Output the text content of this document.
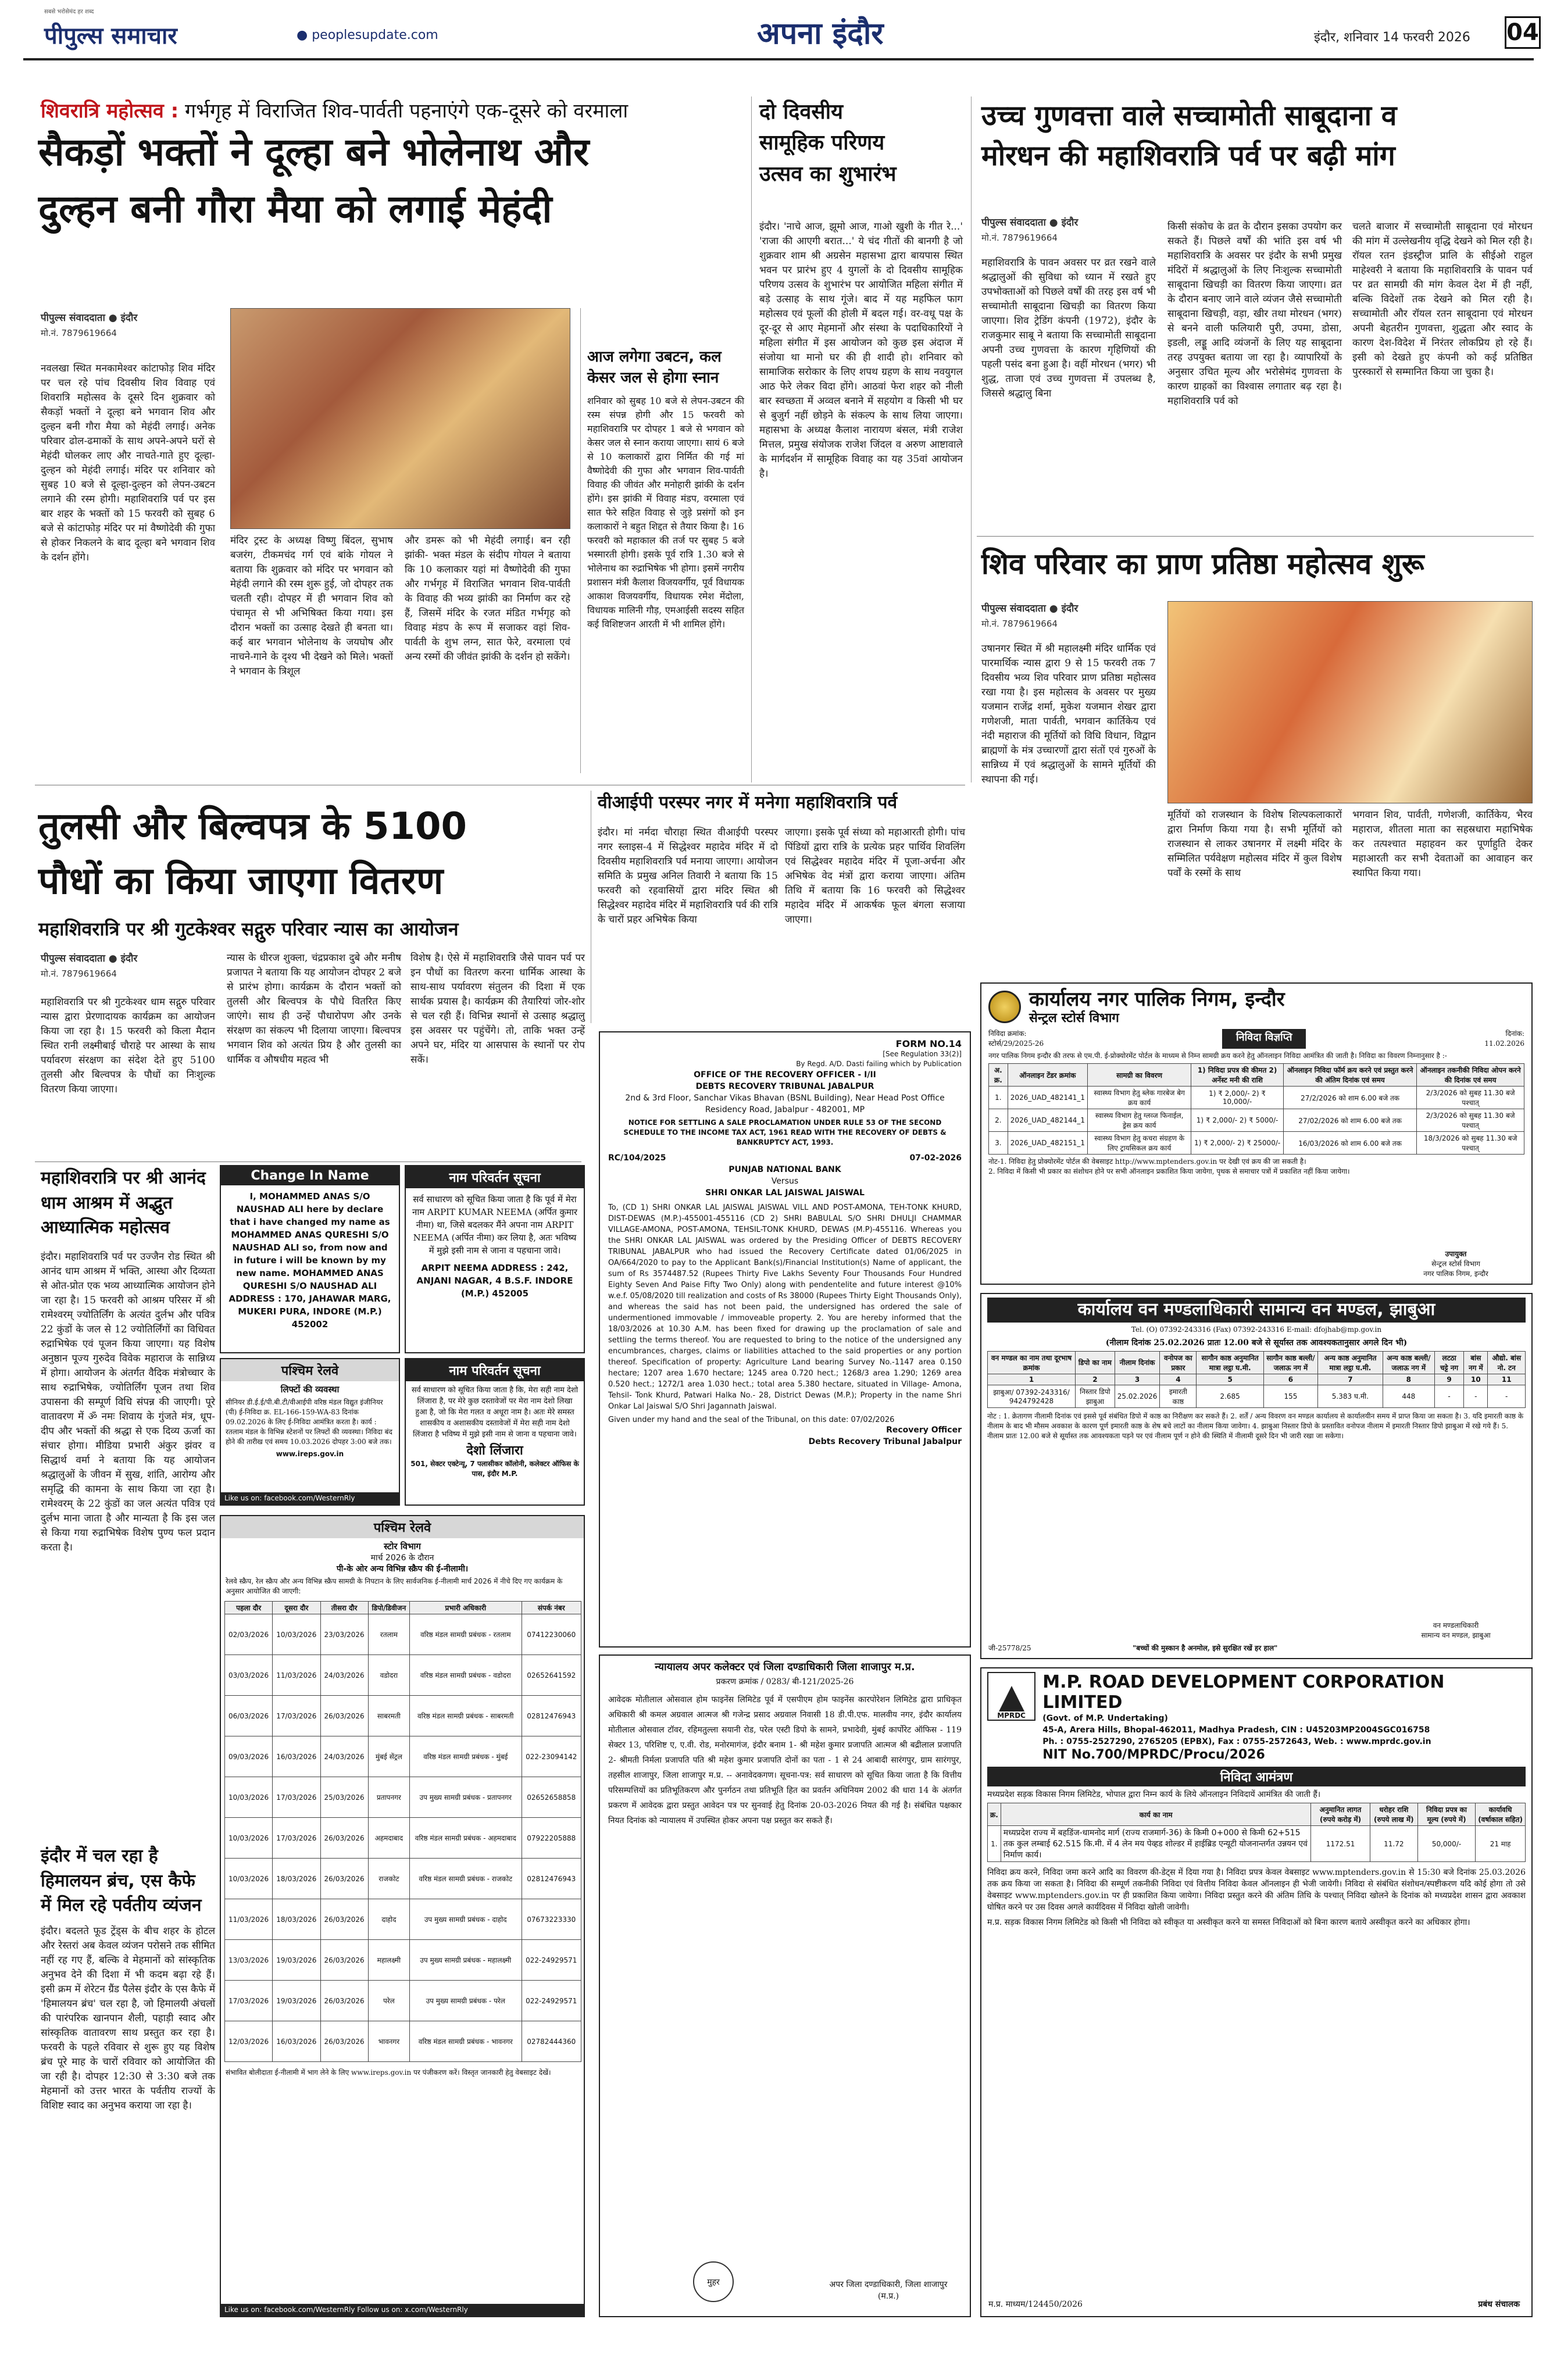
सबसे भरोसेमंद हर शब्द
पीपुल्स समाचार	● peoplesupdate.com	अपना इंदौर	इंदौर, शनिवार 14 फरवरी 2026 04
शिवरात्रि महोत्सव : गर्भगृह में विराजित शिव-पार्वती पहनाएंगे एक-दूसरे को वरमाला
सैकड़ों भक्तों ने दूल्हा बने भोलेनाथ और
दुल्हन बनी गौरा मैया को लगाई मेहंदी
पीपुल्स संवाददाता ● इंदौर
मो.नं. 7879619664
नवलखा स्थित मनकामेश्वर कांटाफोड़ शिव मंदिर पर चल रहे पांच दिवसीय शिव विवाह एवं शिवरात्रि महोत्सव के दूसरे दिन शुक्रवार को सैकड़ों भक्तों ने दूल्हा बने भगवान शिव और दुल्हन बनी गौरा मैया को मेहंदी लगाई। अनेक परिवार ढोल-ढमाकों के साथ अपने-अपने घरों से मेहंदी घोलकर लाए और नाचते-गाते हुए दूल्हा-दुल्हन को मेहंदी लगाई। मंदिर पर शनिवार को सुबह 10 बजे से दूल्हा-दुल्हन को लेपन-उबटन लगाने की रस्म होगी। महाशिवरात्रि पर्व पर इस बार शहर के भक्तों को 15 फरवरी को सुबह 6 बजे से कांटाफोड़ मंदिर पर मां वैष्णोदेवी की गुफा से होकर निकलने के बाद दूल्हा बने भगवान शिव के दर्शन होंगे।
मंदिर ट्रस्ट के अध्यक्ष विष्णु बिंदल, सुभाष बजरंग, टीकमचंद गर्ग एवं बांके गोयल ने बताया कि शुक्रवार को मंदिर पर भगवान को मेहंदी लगाने की रस्म शुरू हुई, जो दोपहर तक चलती रही। दोपहर में ही भगवान शिव को पंचामृत से भी अभिषिक्त किया गया। इस दौरान भक्तों का उत्साह देखते ही बनता था। कई बार भगवान भोलेनाथ के जयघोष और नाचने-गाने के दृश्य भी देखने को मिले। भक्तों ने भगवान के त्रिशूल
और डमरू को भी मेहंदी लगाई। बन रही झांकी- भक्त मंडल के संदीप गोयल ने बताया कि 10 कलाकार यहां मां वैष्णोदेवी की गुफा और गर्भगृह में विराजित भगवान शिव-पार्वती के विवाह की भव्य झांकी का निर्माण कर रहे हैं, जिसमें मंदिर के रजत मंडित गर्भगृह को विवाह मंडप के रूप में सजाकर वहां शिव-पार्वती के शुभ लग्न, सात फेरे, वरमाला एवं अन्य रस्मों की जीवंत झांकी के दर्शन हो सकेंगे।
आज लगेगा उबटन, कल केसर जल से होगा स्नान
शनिवार को सुबह 10 बजे से लेपन-उबटन की रस्म संपन्न होगी और 15 फरवरी को महाशिवरात्रि पर दोपहर 1 बजे से भगवान को केसर जल से स्नान कराया जाएगा। सायं 6 बजे से 10 कलाकारों द्वारा निर्मित की गई मां वैष्णोदेवी की गुफा और भगवान शिव-पार्वती विवाह की जीवंत और मनोहारी झांकी के दर्शन होंगे। इस झांकी में विवाह मंडप, वरमाला एवं सात फेरे सहित विवाह से जुड़े प्रसंगों को इन कलाकारों ने बहुत शिद्दत से तैयार किया है। 16 फरवरी को महाकाल की तर्ज पर सुबह 5 बजे भस्मारती होगी। इसके पूर्व रात्रि 1.30 बजे से भोलेनाथ का रुद्राभिषेक भी होगा। इसमें नगरीय प्रशासन मंत्री कैलाश विजयवर्गीय, पूर्व विधायक आकाश विजयवर्गीय, विधायक रमेश मेंदोला, विधायक मालिनी गौड़, एमआईसी सदस्य सहित कई विशिष्टजन आरती में भी शामिल होंगे।
दो दिवसीय
सामूहिक परिणय
उत्सव का शुभारंभ
इंदौर। 'नाचे आज, झूमो आज, गाओ खुशी के गीत रे...' 'राजा की आएगी बरात...' ये चंद गीतों की बानगी है जो शुक्रवार शाम श्री अग्रसेन महासभा द्वारा बायपास स्थित भवन पर प्रारंभ हुए 4 युगलों के दो दिवसीय सामूहिक परिणय उत्सव के शुभारंभ पर आयोजित महिला संगीत में बड़े उत्साह के साथ गूंजे। बाद में यह महफिल फाग महोत्सव एवं फूलों की होली में बदल गई। वर-वधू पक्ष के दूर-दूर से आए मेहमानों और संस्था के पदाधिकारियों ने महिला संगीत में इस आयोजन को कुछ इस अंदाज में संजोया था मानो घर की ही शादी हो। शनिवार को सामाजिक सरोकार के लिए शपथ ग्रहण के साथ नवयुगल आठ फेरे लेकर विदा होंगे। आठवां फेरा शहर को नीली बार स्वच्छता में अव्वल बनाने में सहयोग व किसी भी घर से बुजुर्ग नहीं छोड़ने के संकल्प के साथ लिया जाएगा। महासभा के अध्यक्ष कैलाश नारायण बंसल, मंत्री राजेश मित्तल, प्रमुख संयोजक राजेश जिंदल व अरुण आष्टावाले के मार्गदर्शन में सामूहिक विवाह का यह 35वां आयोजन है।
उच्च गुणवत्ता वाले सच्चामोती साबूदाना व
मोरधन की महाशिवरात्रि पर्व पर बढ़ी मांग
पीपुल्स संवाददाता ● इंदौर
मो.नं. 7879619664
महाशिवरात्रि के पावन अवसर पर व्रत रखने वाले श्रद्धालुओं की सुविधा को ध्यान में रखते हुए उपभोक्ताओं को पिछले वर्षों की तरह इस वर्ष भी सच्चामोती साबूदाना खिचड़ी का वितरण किया जाएगा। शिव ट्रेडिंग कंपनी (1972), इंदौर के राजकुमार साबू ने बताया कि सच्चामोती साबूदाना अपनी उच्च गुणवत्ता के कारण गृहिणियों की पहली पसंद बना हुआ है। वहीं मोरधन (भगर) भी शुद्ध, ताजा एवं उच्च गुणवत्ता में उपलब्ध है, जिससे श्रद्धालु बिना
किसी संकोच के व्रत के दौरान इसका उपयोग कर सकते हैं। पिछले वर्षों की भांति इस वर्ष भी महाशिवरात्रि के अवसर पर इंदौर के सभी प्रमुख मंदिरों में श्रद्धालुओं के लिए निःशुल्क सच्चामोती साबूदाना खिचड़ी का वितरण किया जाएगा। व्रत के दौरान बनाए जाने वाले व्यंजन जैसे सच्चामोती साबूदाना खिचड़ी, वड़ा, खीर तथा मोरधन (भगर) से बनने वाली फलियारी पुरी, उपमा, डोसा, इडली, लड्डू आदि व्यंजनों के लिए यह साबूदाना तरह उपयुक्त बताया जा रहा है। व्यापारियों के अनुसार उचित मूल्य और भरोसेमंद गुणवत्ता के कारण ग्राहकों का विश्वास लगातार बढ़ रहा है। महाशिवरात्रि पर्व को
चलते बाजार में सच्चामोती साबूदाना एवं मोरधन की मांग में उल्लेखनीय वृद्धि देखने को मिल रही है। रॉयल रतन इंडस्ट्रीज प्रालि के सीईओ राहुल माहेश्वरी ने बताया कि महाशिवरात्रि के पावन पर्व पर व्रत सामग्री की मांग केवल देश में ही नहीं, बल्कि विदेशों तक देखने को मिल रही है। सच्चामोती और रॉयल रतन साबूदाना एवं मोरधन अपनी बेहतरीन गुणवत्ता, शुद्धता और स्वाद के कारण देश-विदेश में निरंतर लोकप्रिय हो रहे हैं। इसी को देखते हुए कंपनी को कई प्रतिष्ठित पुरस्कारों से सम्मानित किया जा चुका है।
शिव परिवार का प्राण प्रतिष्ठा महोत्सव शुरू
पीपुल्स संवाददाता ● इंदौर
मो.नं. 7879619664
उषानगर स्थित में श्री महालक्ष्मी मंदिर धार्मिक एवं पारमार्थिक न्यास द्वारा 9 से 15 फरवरी तक 7 दिवसीय भव्य शिव परिवार प्राण प्रतिष्ठा महोत्सव रखा गया है। इस महोत्सव के अवसर पर मुख्य यजमान राजेंद्र शर्मा, मुकेश यजमान शेखर द्वारा गणेशजी, माता पार्वती, भगवान कार्तिकेय एवं नंदी महाराज की मूर्तियों को विधि विधान, विद्वान ब्राह्मणों के मंत्र उच्चारणों द्वारा संतों एवं गुरुओं के सान्निध्य में एवं श्रद्धालुओं के सामने मूर्तियों की स्थापना की गई।
मूर्तियों को राजस्थान के विशेष शिल्पकलाकारों द्वारा निर्माण किया गया है। सभी मूर्तियों को राजस्थान से लाकर उषानगर में लक्ष्मी मंदिर के सम्मिलित पर्यवेक्षण महोत्सव मंदिर में कुल विशेष पर्वों के रस्मों के साथ
भगवान शिव, पार्वती, गणेशजी, कार्तिकेय, भैरव महाराज, शीतला माता का सहस्रधारा महाभिषेक कर तत्पश्चात महाहवन कर पूर्णाहुति देकर महाआरती कर सभी देवताओं का आवाहन कर स्थापित किया गया।
तुलसी और बिल्वपत्र के 5100
पौधों का किया जाएगा वितरण
महाशिवरात्रि पर श्री गुटकेश्वर सद्गुरु परिवार न्यास का आयोजन
पीपुल्स संवाददाता ● इंदौर
मो.नं. 7879619664
महाशिवरात्रि पर श्री गुटकेश्वर धाम सद्गुरु परिवार न्यास द्वारा प्रेरणादायक कार्यक्रम का आयोजन किया जा रहा है। 15 फरवरी को किला मैदान स्थित रानी लक्ष्मीबाई चौराहे पर आस्था के साथ पर्यावरण संरक्षण का संदेश देते हुए 5100 तुलसी और बिल्वपत्र के पौधों का निःशुल्क वितरण किया जाएगा।
न्यास के धीरज शुक्ला, चंद्रप्रकाश दुबे और मनीष प्रजापत ने बताया कि यह आयोजन दोपहर 2 बजे से प्रारंभ होगा। कार्यक्रम के दौरान भक्तों को तुलसी और बिल्वपत्र के पौधे वितरित किए जाएंगे। साथ ही उन्हें पौधारोपण और उनके संरक्षण का संकल्प भी दिलाया जाएगा। बिल्वपत्र भगवान शिव को अत्यंत प्रिय है और तुलसी का धार्मिक व औषधीय महत्व भी
विशेष है। ऐसे में महाशिवरात्रि जैसे पावन पर्व पर इन पौधों का वितरण करना धार्मिक आस्था के साथ-साथ पर्यावरण संतुलन की दिशा में एक सार्थक प्रयास है। कार्यक्रम की तैयारियां जोर-शोर से चल रही हैं। विभिन्न स्थानों से उत्साह श्रद्धालु इस अवसर पर पहुंचेंगे। तो, ताकि भक्त उन्हें अपने घर, मंदिर या आसपास के स्थानों पर रोप सकें।
वीआईपी परस्पर नगर में मनेगा महाशिवरात्रि पर्व
इंदौर। मां नर्मदा चौराहा स्थित वीआईपी परस्पर नगर स्लाइस-4 में सिद्धेश्वर महादेव मंदिर में दो दिवसीय महाशिवरात्रि पर्व मनाया जाएगा। आयोजन समिति के प्रमुख अनिल तिवारी ने बताया कि 15 फरवरी को रहवासियों द्वारा मंदिर स्थित श्री सिद्धेश्वर महादेव मंदिर में महाशिवरात्रि पर्व की रात्रि के चारों प्रहर अभिषेक किया
जाएगा। इसके पूर्व संध्या को महाआरती होगी। पांच पिंडियों द्वारा रात्रि के प्रत्येक प्रहर पार्थिव शिवलिंग एवं सिद्धेश्वर महादेव मंदिर में पूजा-अर्चना और अभिषेक वेद मंत्रों द्वारा कराया जाएगा। अंतिम तिथि में बताया कि 16 फरवरी को सिद्धेश्वर महादेव मंदिर में आकर्षक फूल बंगला सजाया जाएगा।
महाशिवरात्रि पर श्री आनंद
धाम आश्रम में अद्भुत
आध्यात्मिक महोत्सव
इंदौर। महाशिवरात्रि पर्व पर उज्जैन रोड स्थित श्री आनंद धाम आश्रम में भक्ति, आस्था और दिव्यता से ओत-प्रोत एक भव्य आध्यात्मिक आयोजन होने जा रहा है। 15 फरवरी को आश्रम परिसर में श्री रामेश्वरम् ज्योतिर्लिंग के अत्यंत दुर्लभ और पवित्र 22 कुंडों के जल से 12 ज्योतिर्लिंगों का विधिवत रुद्राभिषेक एवं पूजन किया जाएगा। यह विशेष अनुष्ठान पूज्य गुरुदेव विवेक महाराज के सान्निध्य में होगा। आयोजन के अंतर्गत वैदिक मंत्रोच्चार के साथ रुद्राभिषेक, ज्योतिर्लिंग पूजन तथा शिव उपासना की सम्पूर्ण विधि संपन्न की जाएगी। पूरे वातावरण में ॐ नमः शिवाय के गुंजते मंत्र, धूप-दीप और भक्तों की श्रद्धा से एक दिव्य ऊर्जा का संचार होगा। मीडिया प्रभारी अंकुर झंवर व सिद्धार्थ वर्मा ने बताया कि यह आयोजन श्रद्धालुओं के जीवन में सुख, शांति, आरोग्य और समृद्धि की कामना के साथ किया जा रहा है। रामेश्वरम् के 22 कुंडों का जल अत्यंत पवित्र एवं दुर्लभ माना जाता है और मान्यता है कि इस जल से किया गया रुद्राभिषेक विशेष पुण्य फल प्रदान करता है।
इंदौर में चल रहा है
हिमालयन ब्रंच, एस कैफे
में मिल रहे पर्वतीय व्यंजन
इंदौर। बदलते फूड ट्रेंड्स के बीच शहर के होटल और रेस्तरां अब केवल व्यंजन परोसने तक सीमित नहीं रह गए हैं, बल्कि वे मेहमानों को सांस्कृतिक अनुभव देने की दिशा में भी कदम बढ़ा रहे हैं। इसी क्रम में शेरेटन ग्रैंड पैलेस इंदौर के एस कैफे में 'हिमालयन ब्रंच' चल रहा है, जो हिमालयी अंचलों की पारंपरिक खानपान शैली, पहाड़ी स्वाद और सांस्कृतिक वातावरण साथ प्रस्तुत कर रहा है। फरवरी के पहले रविवार से शुरू हुए यह विशेष ब्रंच पूरे माह के चारों रविवार को आयोजित की जा रही है। दोपहर 12:30 से 3:30 बजे तक मेहमानों को उत्तर भारत के पर्वतीय राज्यों के विशिष्ट स्वाद का अनुभव कराया जा रहा है।
Change In Name
I, MOHAMMED ANAS S/O NAUSHAD ALI here by declare that i have changed my name as MOHAMMED ANAS QURESHI S/O NAUSHAD ALI so, from now and in future i will be known by my new name. MOHAMMED ANAS QURESHI S/O NAUSHAD ALI ADDRESS : 170, JAHAWAR MARG, MUKERI PURA, INDORE (M.P.) 452002
नाम परिवर्तन सूचना
सर्व साधारण को सूचित किया जाता है कि पूर्व में मेरा नाम ARPIT KUMAR NEEMA (अर्पित कुमार नीमा) था, जिसे बदलकर मैंने अपना नाम ARPIT NEEMA (अर्पित नीमा) कर लिया है, अतः भविष्य में मुझे इसी नाम से जाना व पहचाना जावे।
ARPIT NEEMA ADDRESS : 242, ANJANI NAGAR, 4 B.S.F. INDORE (M.P.) 452005
पश्चिम रेलवे
लिफ्टों की व्यवस्था
सीनियर डी.ई.ई/पी.बी.टी/वीआईपी वरिष्ठ मंडल विद्युत इंजीनियर (पी) ई-निविदा क्र. EL-166-159-WA-83 दिनांक 09.02.2026 के लिए ई-निविदा आमंत्रित करता है। कार्य : रतलाम मंडल के विभिन्न स्टेशनों पर लिफ्टों की व्यवस्था। निविदा बंद होने की तारीख एवं समय 10.03.2026 दोपहर 3:00 बजे तक।
www.ireps.gov.in
Like us on: facebook.com/WesternRly
नाम परिवर्तन सूचना
सर्व साधारण को सूचित किया जाता है कि, मेरा सही नाम देशो लिंजारा है, पर मेरे कुछ दस्तावेजों पर मेरा नाम देशो लिखा हुआ है, जो कि मेरा गलत व अधूरा नाम है। अतः मेरे समस्त शासकीय व अशासकीय दस्तावेजों में मेरा सही नाम देशो लिंजारा है भविष्य में मुझे इसी नाम से जाना व पहचाना जावे।
देशो लिंजारा
501, सेक्टर एक्टेन्यू, 7 पलासीकर कॉलोनी, कलेक्टर ऑफिस के पास, इंदौर M.P.
पश्चिम रेलवे
स्टोर विभाग
मार्च 2026 के दौरान
पी-के ओर अन्य विभिन्न स्क्रैप की ई-नीलामी।
रेलवे स्क्रैप, रेल स्क्रैप और अन्य विभिन्न स्क्रैप सामग्री के निपटान के लिए सार्वजनिक ई-नीलामी मार्च 2026 में नीचे दिए गए कार्यक्रम के अनुसार आयोजित की जाएगी:
पहला दौर	दूसरा दौर	तीसरा दौर	डिपो/डिवीजन	प्रभारी अधिकारी	संपर्क नंबर
02/03/2026	10/03/2026	23/03/2026	रतलाम	वरिष्ठ मंडल सामग्री प्रबंधक - रतलाम	07412230060
03/03/2026	11/03/2026	24/03/2026	वडोदरा	वरिष्ठ मंडल सामग्री प्रबंधक - वडोदरा	02652641592
06/03/2026	17/03/2026	26/03/2026	साबरमती	वरिष्ठ मंडल सामग्री प्रबंधक - साबरमती	02812476943
09/03/2026	16/03/2026	24/03/2026	मुंबई सेंट्रल	वरिष्ठ मंडल सामग्री प्रबंधक - मुंबई	022-23094142
10/03/2026	17/03/2026	25/03/2026	प्रतापनगर	उप मुख्य सामग्री प्रबंधक - प्रतापनगर	02652658858
10/03/2026	17/03/2026	26/03/2026	अहमदाबाद	वरिष्ठ मंडल सामग्री प्रबंधक - अहमदाबाद	07922205888
10/03/2026	18/03/2026	26/03/2026	राजकोट	वरिष्ठ मंडल सामग्री प्रबंधक - राजकोट	02812476943
11/03/2026	18/03/2026	26/03/2026	दाहोद	उप मुख्य सामग्री प्रबंधक - दाहोद	07673223330
13/03/2026	19/03/2026	26/03/2026	महालक्ष्मी	उप मुख्य सामग्री प्रबंधक - महालक्ष्मी	022-24929571
17/03/2026	19/03/2026	26/03/2026	परेल	उप मुख्य सामग्री प्रबंधक - परेल	022-24929571
12/03/2026	16/03/2026	26/03/2026	भावनगर	वरिष्ठ मंडल सामग्री प्रबंधक - भावनगर	02782444360
संभावित बोलीदाता ई-नीलामी में भाग लेने के लिए www.ireps.gov.in पर पंजीकरण करें। विस्तृत जानकारी हेतु वेबसाइट देखें।
Like us on: facebook.com/WesternRly Follow us on: x.com/WesternRly
FORM NO.14
[See Regulation 33(2)]
By Regd. A/D. Dasti failing which by Publication
OFFICE OF THE RECOVERY OFFICER - I/II
DEBTS RECOVERY TRIBUNAL JABALPUR
2nd & 3rd Floor, Sanchar Vikas Bhavan (BSNL Building), Near Head Post Office Residency Road, Jabalpur - 482001, MP
NOTICE FOR SETTLING A SALE PROCLAMATION UNDER RULE 53 OF THE SECOND SCHEDULE TO THE INCOME TAX ACT, 1961 READ WITH THE RECOVERY OF DEBTS & BANKRUPTCY ACT, 1993.
RC/104/2025	07-02-2026
PUNJAB NATIONAL BANK
Versus
SHRI ONKAR LAL JAISWAL JAISWAL
To, (CD 1) SHRI ONKAR LAL JAISWAL JAISWAL VILL AND POST-AMONA, TEH-TONK KHURD, DIST-DEWAS (M.P.)-455001-455116 (CD 2) SHRI BABULAL S/O SHRI DHULJI CHAMMAR VILLAGE-AMONA, POST-AMONA, TEHSIL-TONK KHURD, DEWAS (M.P)-455116. Whereas you the SHRI ONKAR LAL JAISWAL was ordered by the Presiding Officer of DEBTS RECOVERY TRIBUNAL JABALPUR who had issued the Recovery Certificate dated 01/06/2025 in OA/664/2020 to pay to the Applicant Bank(s)/Financial Institution(s) Name of applicant, the sum of Rs 3574487.52 (Rupees Thirty Five Lakhs Seventy Four Thousands Four Hundred Eighty Seven And Paise Fifty Two Only) along with pendentelite and future interest @10% w.e.f. 05/08/2020 till realization and costs of Rs 38000 (Rupees Thirty Eight Thousands Only), and whereas the said has not been paid, the undersigned has ordered the sale of undermentioned immovable / immoveable property. 2. You are hereby informed that the 18/03/2026 at 10.30 A.M. has been fixed for drawing up the proclamation of sale and settling the terms thereof. You are requested to bring to the notice of the undersigned any encumbrances, charges, claims or liabilities attached to the said properties or any portion thereof. Specification of property: Agriculture Land bearing Survey No.-1147 area 0.150 hectare; 1207 area 1.670 hectare; 1245 area 0.720 hect.; 1268/3 area 1.290; 1269 area 0.520 hect.; 1272/1 area 1.030 hect.; total area 5.380 hectare, situated in Village- Amona, Tehsil- Tonk Khurd, Patwari Halka No.- 28, District Dewas (M.P.); Property in the name Shri Onkar Lal Jaiswal S/O Shri Jagannath Jaiswal.
Given under my hand and the seal of the Tribunal, on this date: 07/02/2026
Recovery Officer
Debts Recovery Tribunal Jabalpur
न्यायालय अपर कलेक्टर एवं जिला दण्डाधिकारी जिला शाजापुर म.प्र.
प्रकरण क्रमांक / 0283/ बी-121/2025-26
आवेदक मोतीलाल ओसवाल होम फाइनेंस लिमिटेड पूर्व में एसपीएम होम फाइनेंस कारपोरेशन लिमिटेड द्वारा प्राधिकृत अधिकारी श्री कमल अग्रवाल आत्मज श्री गजेन्द्र प्रसाद अग्रवाल निवासी 18 डी.पी.एफ. मालवीय नगर, इंदौर कार्यालय मोतीलाल ओसवाल टॉवर, रहिमतुल्ला सयानी रोड, परेल एस्टी डिपो के सामने, प्रभादेवी, मुंबई कार्पोरेट ऑफिस - 119 सेक्टर 13, परिशिष्ट ए, ए.वी. रोड, मनोरमागंज, इंदौर बनाम 1- श्री महेश कुमार प्रजापति आत्मज श्री बद्रीलाल प्रजापति 2- श्रीमती निर्मला प्रजापति पति श्री महेश कुमार प्रजापति दोनों का पता - 1 से 24 आबादी सारंगपुर, ग्राम सारंगपुर, तहसील शाजापुर, जिला शाजापुर म.प्र. -- अनावेदकगण। सूचना-पत्र: सर्व साधारण को सूचित किया जाता है कि वित्तीय परिसम्पत्तियों का प्रतिभूतिकरण और पुनर्गठन तथा प्रतिभूति हित का प्रवर्तन अधिनियम 2002 की धारा 14 के अंतर्गत प्रकरण में आवेदक द्वारा प्रस्तुत आवेदन पत्र पर सुनवाई हेतु दिनांक 20-03-2026 नियत की गई है। संबंधित पक्षकार नियत दिनांक को न्यायालय में उपस्थित होकर अपना पक्ष प्रस्तुत कर सकते हैं।
मुहर	अपर जिला दण्डाधिकारी, जिला शाजापुर (म.प्र.)
कार्यालय नगर पालिक निगम, इन्दौर
सेन्ट्रल स्टोर्स विभाग
निविदा क्रमांक:
स्टोर्स/29/2025-26	निविदा विज्ञप्ति	दिनांक:
11.02.2026
नगर पालिक निगम इन्दौर की तरफ से एम.पी. ई-प्रोक्योरमेंट पोर्टल के माध्यम से निम्न सामग्री क्रय करने हेतु ऑनलाइन निविदा आमंत्रित की जाती है। निविदा का विवरण निम्नानुसार है :-
अ. क्र.	ऑनलाइन टेंडर क्रमांक	सामग्री का विवरण	1) निविदा प्रपत्र की कीमत 2) अर्नेस्ट मनी की राशि	ऑनलाइन निविदा फॉर्म क्रय करने एवं प्रस्तुत करने की अंतिम दिनांक एवं समय	ऑनलाइन तकनीकी निविदा ओपन करने की दिनांक एवं समय
1.	2026_UAD_482141_1	स्वास्थ्य विभाग हेतु ब्लेक गारबेज बेग क्रय कार्य	1) ₹ 2,000/- 2) ₹ 10,000/-	27/2/2026 को शाम 6.00 बजे तक	2/3/2026 को सुबह 11.30 बजे पश्चात्
2.	2026_UAD_482144_1	स्वास्थ्य विभाग हेतु ग्लव्ज फिनाईल, ड्रेस क्रय कार्य	1) ₹ 2,000/- 2) ₹ 5000/-	27/02/2026 को शाम 6.00 बजे तक	2/3/2026 को सुबह 11.30 बजे पश्चात्
3.	2026_UAD_482151_1	स्वास्थ्य विभाग हेतु कचरा संग्रहण के लिए ट्रायसिकल क्रय कार्य	1) ₹ 2,000/- 2) ₹ 25000/-	16/03/2026 को शाम 6.00 बजे तक	18/3/2026 को सुबह 11.30 बजे पश्चात्
नोट-1. निविदा हेतु प्रोक्योरमेंट पोर्टल की वेबसाइट http://www.mptenders.gov.in पर देखी एवं क्रय की जा सकती है।
2. निविदा में किसी भी प्रकार का संशोधन होने पर सभी ऑनलाइन प्रकाशित किया जायेगा, पृथक से समाचार पत्रों में प्रकाशित नहीं किया जायेगा।
उपायुक्त
सेन्ट्रल स्टोर्स विभाग
नगर पालिक निगम, इन्दौर
कार्यालय वन मण्डलाधिकारी सामान्य वन मण्डल, झाबुआ
Tel. (O) 07392-243316 (Fax) 07392-243316 E-mail: dfojhab@mp.gov.in
(नीलाम दिनांक 25.02.2026 प्रातः 12.00 बजे से सूर्यास्त तक आवश्यकतानुसार अगले दिन भी)
वन मण्डल का नाम तथा दूरभाष क्रमांक	डिपो का नाम	नीलाम दिनांक	वनोपज का प्रकार	सागौन काष्ठ अनुमानित मात्रा लट्ठा घ.मी.	सागौन काष्ठ बल्ली/जलाऊ नग में	अन्य काष्ठ अनुमानित मात्रा लट्ठा घ.मी.	अन्य काष्ठ बल्ली/जलाऊ नग में	लटठा चट्टे नग	बांस नग में	औद्यो. बांस नो. टन
1	2	3	4	5	6	7	8	9	10	11
झाबुआ/ 07392-243316/ 9424792428	निस्तार डिपो झाबुआ	25.02.2026	इमारती काष्ठ	2.685	155	5.383 घ.मी.	448	-	-	-
नोट : 1. क्रेतागण नीलामी दिनांक एवं इससे पूर्व संबंधित डिपो में काष्ठ का निरीक्षण कर सकते हैं। 2. शर्तें / अन्य विवरण वन मण्डल कार्यालय से कार्यालयीन समय में प्राप्त किया जा सकता है। 3. यदि इमारती काष्ठ के नीलाम के बाद भी मौसम अवकाश के कारण पूर्ण इमारती काष्ठ के शेष बचे लाटों का नीलाम किया जावेगा। 4. झाबुआ निस्तार डिपो के प्रस्तावित वनोपज नीलाम में इमारती निस्तार डिपो झाबुआ में रखे गये हैं। 5. नीलाम प्रातः 12.00 बजे से सूर्यास्त तक आवश्यकता पड़ने पर एवं नीलाम पूर्ण न होने की स्थिति में नीलामी दूसरे दिन भी जारी रखा जा सकेगा।
वन मण्डलाधिकारी
सामान्य वन मण्डल, झाबुआ
जी-25778/25	"बच्चों की मुस्कान है अनमोल, इसे सुरक्षित रखें हर हाल"
MPRDC
M.P. ROAD DEVELOPMENT CORPORATION LIMITED
(Govt. of M.P. Undertaking)
45-A, Arera Hills, Bhopal-462011, Madhya Pradesh, CIN : U45203MP2004SGC016758
Ph. : 0755-2527290, 2765205 (EPBX), Fax : 0755-2572643, Web. : www.mprdc.gov.in
NIT No.700/MPRDC/Procu/2026
निविदा आमंत्रण
मध्यप्रदेश सड़क विकास निगम लिमिटेड, भोपाल द्वारा निम्न कार्य के लिये ऑनलाइन निविदायें आमंत्रित की जाती हैं।
क्र.	कार्य का नाम	अनुमानित लागत (रुपये करोड़ में)	धरोहर राशि (रुपये लाख में)	निविदा प्रपत्र का मूल्य (रुपये में)	कार्यावधि (वर्षाकाल सहित)
1.	मध्यप्रदेश राज्य में बहडिंज-धामनोद मार्ग (राज्य राजमार्ग-36) के किमी 0+000 से किमी 62+515 तक कुल लम्बाई 62.515 कि.मी. में 4 लेन मय पेव्हड शोल्डर में हाईब्रिड एन्यूटी योजनान्तर्गत उन्नयन एवं निर्माण कार्य।	1172.51	11.72	50,000/-	21 माह
निविदा क्रय करने, निविदा जमा करने आदि का विवरण की-डेट्स में दिया गया है। निविदा प्रपत्र केवल वेबसाइट www.mptenders.gov.in से 15:30 बजे दिनांक 25.03.2026 तक क्रय किया जा सकता है। निविदा की सम्पूर्ण तकनीकी निविदा एवं वित्तीय निविदा केवल ऑनलाइन ही भेजी जायेगी। निविदा से संबंधित संशोधन/स्पष्टीकरण यदि कोई होगा तो उसे वेबसाइट www.mptenders.gov.in पर ही प्रकाशित किया जायेगा। निविदा प्रस्तुत करने की अंतिम तिथि के पश्चात् निविदा खोलने के दिनांक को मध्यप्रदेश शासन द्वारा अवकाश घोषित करने पर उस दिवस अगले कार्यदिवस में निविदा खोली जावेगी।
म.प्र. सड़क विकास निगम लिमिटेड को किसी भी निविदा को स्वीकृत या अस्वीकृत करने या समस्त निविदाओं को बिना कारण बताये अस्वीकृत करने का अधिकार होगा।
म.प्र. माध्यम/124450/2026	प्रबंध संचालक
